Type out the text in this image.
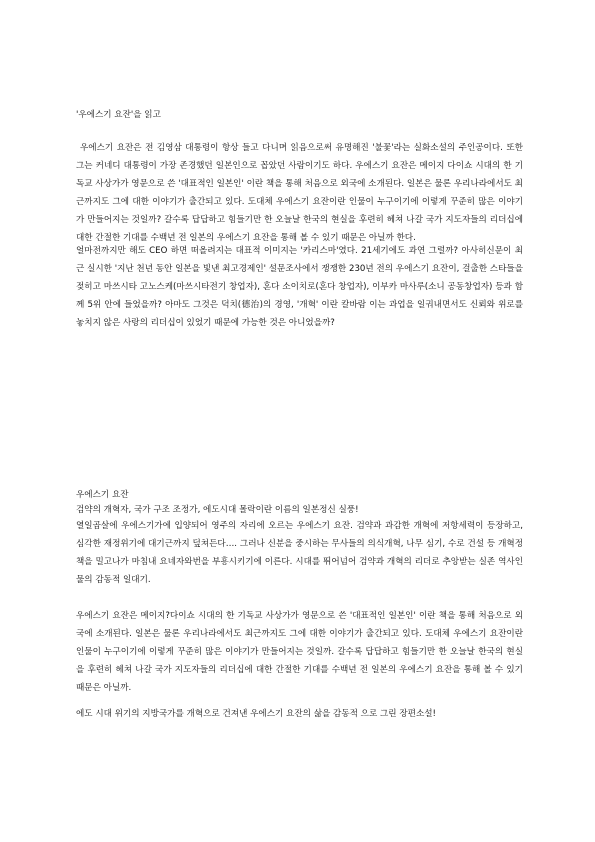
'우에스기 요잔'을 읽고
우에스기 요잔은 전 김영삼 대통령이 항상 들고 다니며 읽음으로써 유명해진 '불꽃'라는 실화소설의 주인공이다. 또한 그는 커네디 대통령이 가장 존경했던 일본인으로 꼽았던 사람이기도 하다. 우에스기 요잔은 메이지 다이쇼 시대의 한 기독교 사상가가 영문으로 쓴 '대표적인 일본인' 이란 책을 통해 처음으로 외국에 소개된다. 일본은 물론 우리나라에서도 최근까지도 그에 대한 이야기가 출간되고 있다. 도대체 우에스기 요잔이란 인물이 누구이기에 이렇게 꾸준히 많은 이야기가 만들어지는 것일까? 갈수록 답답하고 힘들기만 한 오늘날 한국의 현실을 후련히 헤쳐 나갈 국가 지도자들의 리더십에 대한 간절한 기대를 수백년 전 일본의 우에스기 요잔을 통해 볼 수 있기 때문은 아닐까 한다.
얼마전까지만 해도 CEO 하면 떠올려지는 대표적 이미지는 '카리스마'였다. 21세기에도 과연 그럴까? 아사히신문이 최근 실시한 '지난 천년 동안 일본을 빛낸 최고경제인' 설문조사에서 쟁쟁한 230년 전의 우에스기 요잔이, 걸출한 스타들을 젖히고 마쓰시타 고노스케(마쓰시타전기 창업자), 혼다 소이치로(혼다 창업자), 이부카 마사루(소니 공동창업자) 등과 함께 5위 안에 들었을까? 아마도 그것은 덕치(德治)의 경영, '개혁' 이란 칼바람 이는 과업을 일궈내면서도 신뢰와 위로를 놓치지 않은 사랑의 리더십이 있었기 때문에 가능한 것은 아니었을까?
우에스기 요잔
검약의 개혁자, 국가 구조 조정가, 에도시대 몰락이란 이름의 일본정신 실풍!
열일곱살에 우에스기가에 입양되어 영주의 자리에 오르는 우에스기 요잔. 검약과 과감한 개혁에 저항세력이 등장하고, 심각한 재정위기에 대기근까지 덮쳐든다…. 그러나 신분을 중시하는 무사들의 의식개혁, 나무 심기, 수로 건설 등 개혁정책을 밀고나가 마침내 요네자와번을 부흥시키기에 이른다. 시대를 뛰어넘어 검약과 개혁의 리더로 추앙받는 실존 역사인물의 감동적 일대기.
우에스기 요잔은 메이지?다이쇼 시대의 한 기독교 사상가가 영문으로 쓴 '대표적인 일본인' 이란 책을 통해 처음으로 외국에 소개된다. 일본은 물론 우리나라에서도 최근까지도 그에 대한 이야기가 출간되고 있다. 도대체 우에스기 요잔이란 인물이 누구이기에 이렇게 꾸준히 많은 이야기가 만들어지는 것일까. 갈수록 답답하고 힘들기만 한 오늘날 한국의 현실을 후련히 헤쳐 나갈 국가 지도자들의 리더십에 대한 간절한 기대를 수백년 전 일본의 우에스기 요잔을 통해 볼 수 있기 때문은 아닐까.
에도 시대 위기의 지방국가를 개혁으로 건져낸 우에스기 요잔의 삶을 감동적 으로 그린 장편소설!
